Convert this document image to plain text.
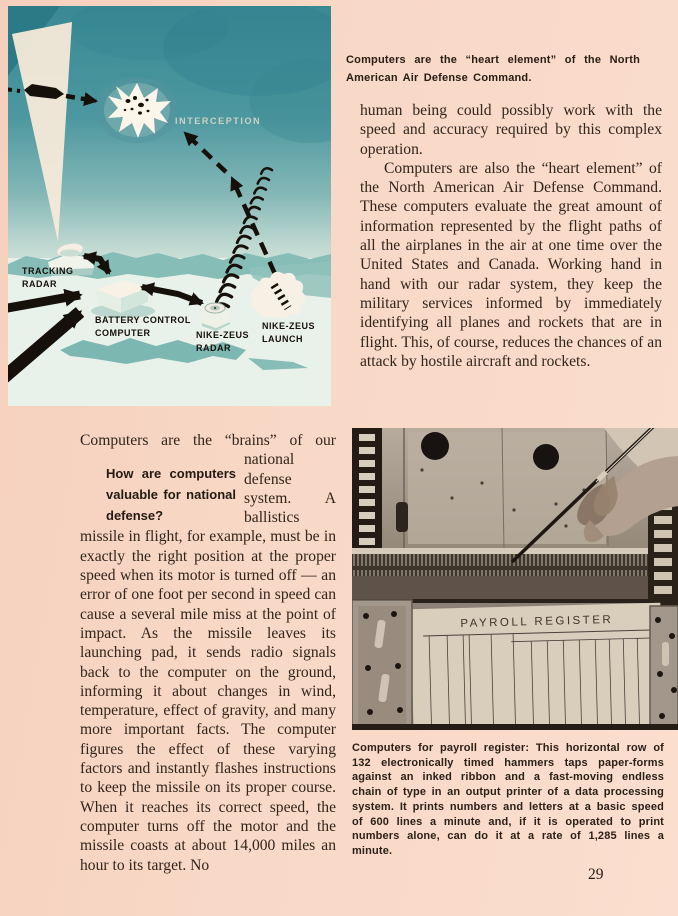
INTERCEPTION
TRACKING
RADAR
BATTERY CONTROL
COMPUTER	NIKE-ZEUS
RADAR
NIKE-ZEUS
LAUNCH
Computers are the “heart element” of the North American Air Defense Command.
human being could possibly work with the speed and accuracy required by this complex operation.
Computers are also the “heart element” of the North American Air Defense Command. These computers evaluate the great amount of information represented by the flight paths of all the airplanes in the air at one time over the United States and Canada. Working hand in hand with our radar system, they keep the military services informed by immediately identifying all planes and rockets that are in flight. This, of course, reduces the chances of an attack by hostile aircraft and rockets.
Computers are the “brains” of our
How are computers valuable for national defense?
national defense system. A ballistics missile in flight, for example, must be in exactly the right position at the proper speed when its motor is turned off — an error of one foot per second in speed can cause a several mile miss at the point of impact. As the missile leaves its launching pad, it sends radio signals back to the computer on the ground, informing it about changes in wind, temperature, effect of gravity, and many more important facts. The computer figures the effect of these varying factors and instantly flashes instructions to keep the missile on its proper course. When it reaches its correct speed, the computer turns off the motor and the missile coasts at about 14,000 miles an hour to its target. No
PAYROLL REGISTER
Computers for payroll register: This horizontal row of 132 electronically timed hammers taps paper-forms against an inked ribbon and a fast-moving endless chain of type in an output printer of a data processing system. It prints numbers and letters at a basic speed of 600 lines a minute and, if it is operated to print numbers alone, can do it at a rate of 1,285 lines a minute.
29
